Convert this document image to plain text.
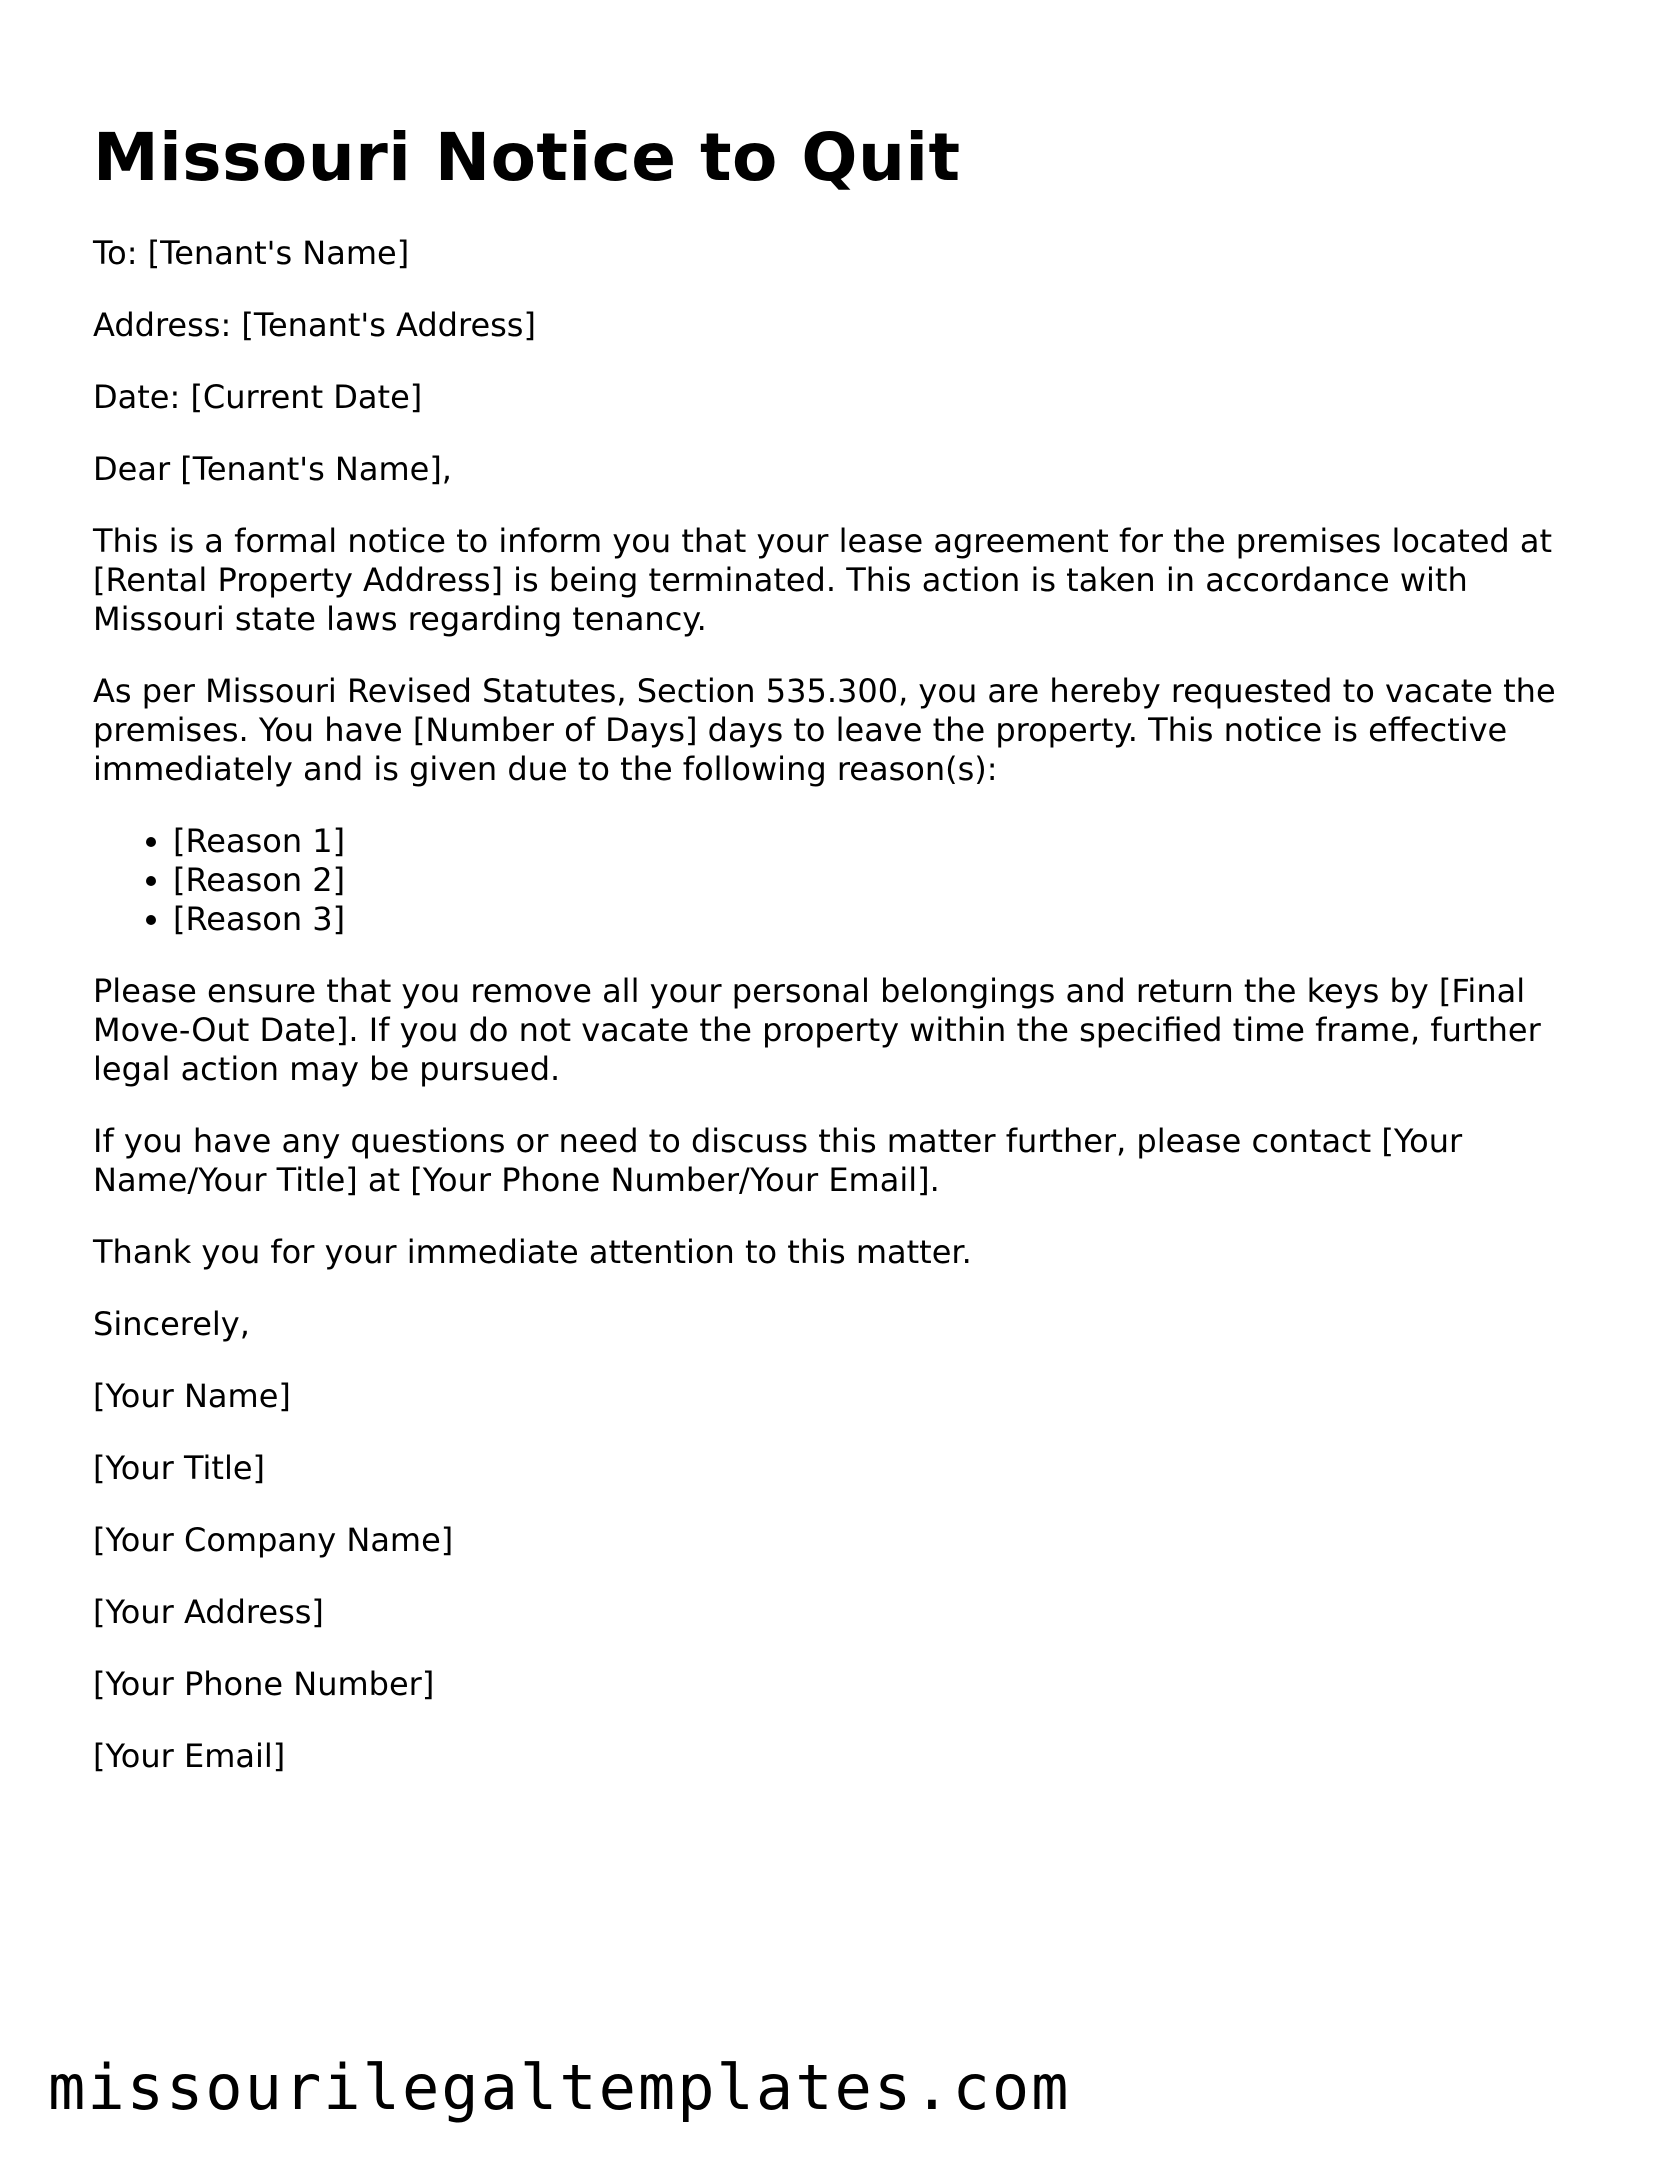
Missouri Notice to Quit

To: [Tenant's Name]

Address: [Tenant's Address]

Date: [Current Date]

Dear [Tenant's Name],

This is a formal notice to inform you that your lease agreement for the premises located at [Rental Property Address] is being terminated. This action is taken in accordance with Missouri state laws regarding tenancy.

As per Missouri Revised Statutes, Section 535.300, you are hereby requested to vacate the premises. You have [Number of Days] days to leave the property. This notice is effective immediately and is given due to the following reason(s):

• [Reason 1]
• [Reason 2]
• [Reason 3]

Please ensure that you remove all your personal belongings and return the keys by [Final Move-Out Date]. If you do not vacate the property within the specified time frame, further legal action may be pursued.

If you have any questions or need to discuss this matter further, please contact [Your Name/Your Title] at [Your Phone Number/Your Email].

Thank you for your immediate attention to this matter.

Sincerely,

[Your Name]

[Your Title]

[Your Company Name]

[Your Address]

[Your Phone Number]

[Your Email]

missourilegaltemplates.com
